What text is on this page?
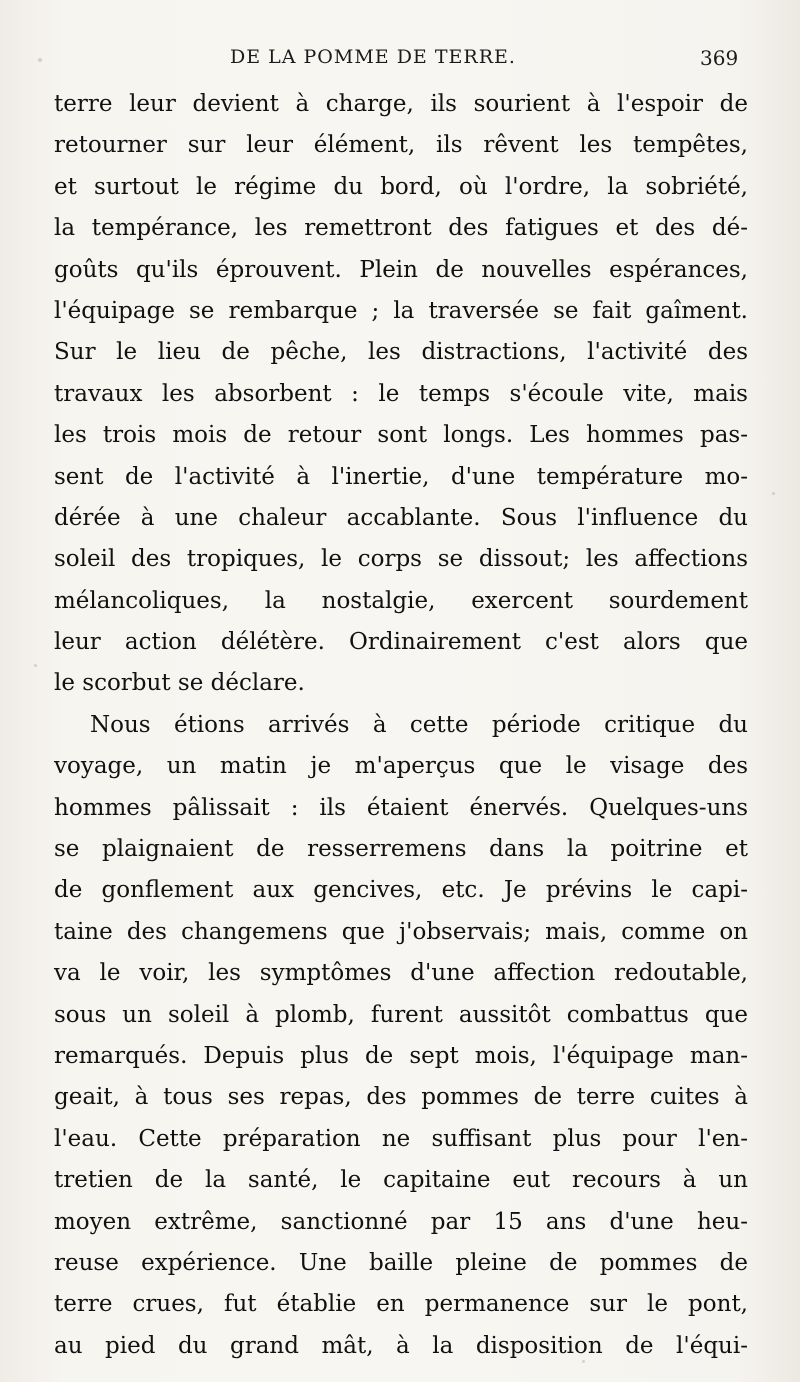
DE LA POMME DE TERRE.	369
terre leur devient à charge, ils sourient à l'espoir de
retourner sur leur élément, ils rêvent les tempêtes,
et surtout le régime du bord, où l'ordre, la sobriété,
la tempérance, les remettront des fatigues et des dé-
goûts qu'ils éprouvent. Plein de nouvelles espérances,
l'équipage se rembarque ; la traversée se fait gaîment.
Sur le lieu de pêche, les distractions, l'activité des
travaux les absorbent : le temps s'écoule vite, mais
les trois mois de retour sont longs. Les hommes pas-
sent de l'activité à l'inertie, d'une température mo-
dérée à une chaleur accablante. Sous l'influence du
soleil des tropiques, le corps se dissout; les affections
mélancoliques, la nostalgie, exercent sourdement
leur action délétère. Ordinairement c'est alors que
le scorbut se déclare.
Nous étions arrivés à cette période critique du
voyage, un matin je m'aperçus que le visage des
hommes pâlissait : ils étaient énervés. Quelques-uns
se plaignaient de resserremens dans la poitrine et
de gonflement aux gencives, etc. Je prévins le capi-
taine des changemens que j'observais; mais, comme on
va le voir, les symptômes d'une affection redoutable,
sous un soleil à plomb, furent aussitôt combattus que
remarqués. Depuis plus de sept mois, l'équipage man-
geait, à tous ses repas, des pommes de terre cuites à
l'eau. Cette préparation ne suffisant plus pour l'en-
tretien de la santé, le capitaine eut recours à un
moyen extrême, sanctionné par 15 ans d'une heu-
reuse expérience. Une baille pleine de pommes de
terre crues, fut établie en permanence sur le pont,
au pied du grand mât, à la disposition de l'équi-
